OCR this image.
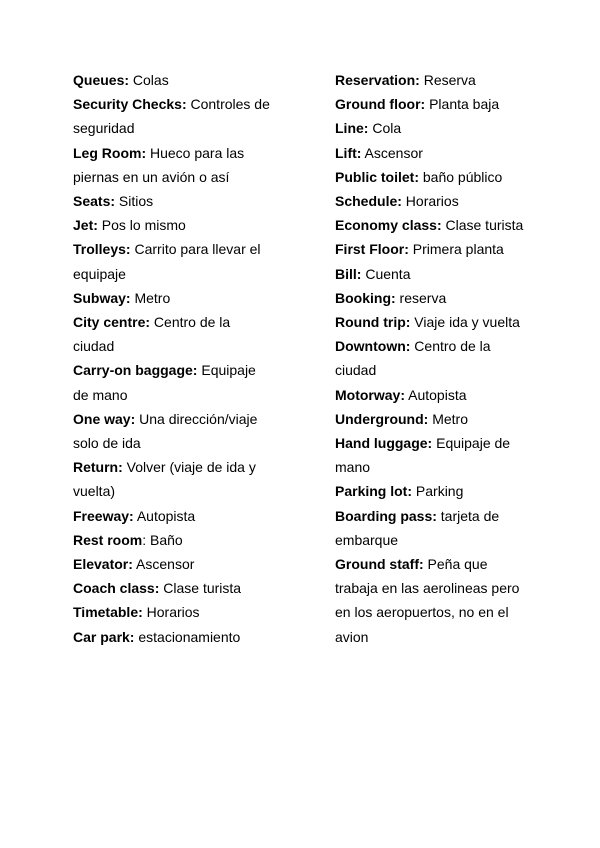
Queues: Colas

Security Checks: Controles de seguridad

Leg Room: Hueco para las piernas en un avión o así

Seats: Sitios

Jet: Pos lo mismo

Trolleys: Carrito para llevar el equipaje

Subway: Metro

City centre: Centro de la ciudad

Carry-on baggage: Equipaje de mano

One way: Una dirección/viaje solo de ida

Return: Volver (viaje de ida y vuelta)

Freeway: Autopista

Rest room: Baño

Elevator: Ascensor

Coach class: Clase turista

Timetable: Horarios

Car park: estacionamiento

Reservation: Reserva

Ground floor: Planta baja

Line: Cola

Lift: Ascensor

Public toilet: baño público

Schedule: Horarios

Economy class: Clase turista

First Floor: Primera planta

Bill: Cuenta

Booking: reserva

Round trip: Viaje ida y vuelta

Downtown: Centro de la ciudad

Motorway: Autopista

Underground: Metro

Hand luggage: Equipaje de mano

Parking lot: Parking

Boarding pass: tarjeta de embarque

Ground staff: Peña que trabaja en las aerolineas pero en los aeropuertos, no en el avion
